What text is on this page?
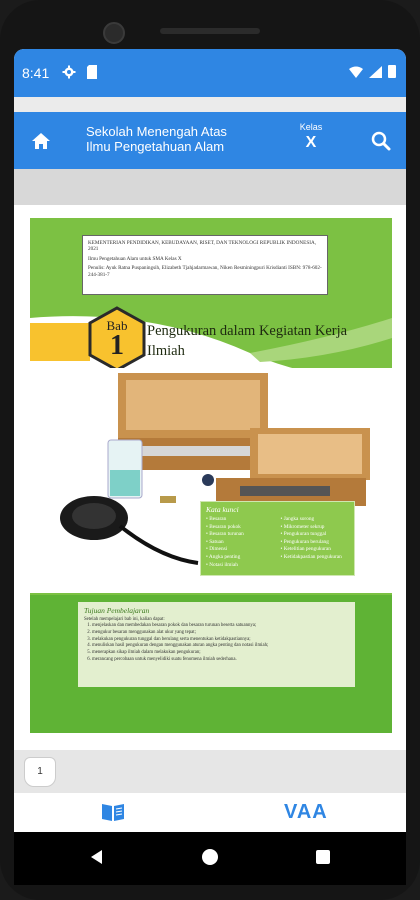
8:41
Sekolah Menengah Atas
Ilmu Pengetahuan Alam
Kelas
X

KEMENTERIAN PENDIDIKAN, KEBUDAYAAN, RISET, DAN TEKNOLOGI REPUBLIK INDONESIA, 2021

Ilmu Pengetahuan Alam untuk SMA Kelas X

Penulis: Ayuk Ratna Puspaningsih, Elizabeth Tjahjadarmawan, Niken Resminingpuri Krisdianti ISBN: 978-602-244-381-7

Bab
1	Pengukuran dalam Kegiatan Kerja Ilmiah
Kata kunci
• Besaran
• Besaran pokok
• Besaran turunan
• Satuan
• Dimensi
• Angka penting
• Notasi ilmiah
• Jangka sorong
• Mikrometer sekrup
• Pengukuran tunggal
• Pengukuran berulang
• Ketelitian pengukuran
• Ketidakpastian pengukuran
Tujuan Pembelajaran
Setelah mempelajari bab ini, kalian dapat:
1. menjelaskan dan membedakan besaran pokok dan besaran turunan beserta satuannya;
2. mengukur besaran menggunakan alat ukur yang tepat;
3. melakukan pengukuran tunggal dan berulang serta menentukan ketidakpastiannya;
4. menuliskan hasil pengukuran dengan menggunakan aturan angka penting dan notasi ilmiah;
5. menerapkan sikap ilmiah dalam melakukan pengukuran;
6. merancang percobaan untuk menyelidiki suatu fenomena ilmiah sederhana.
1
VAA
